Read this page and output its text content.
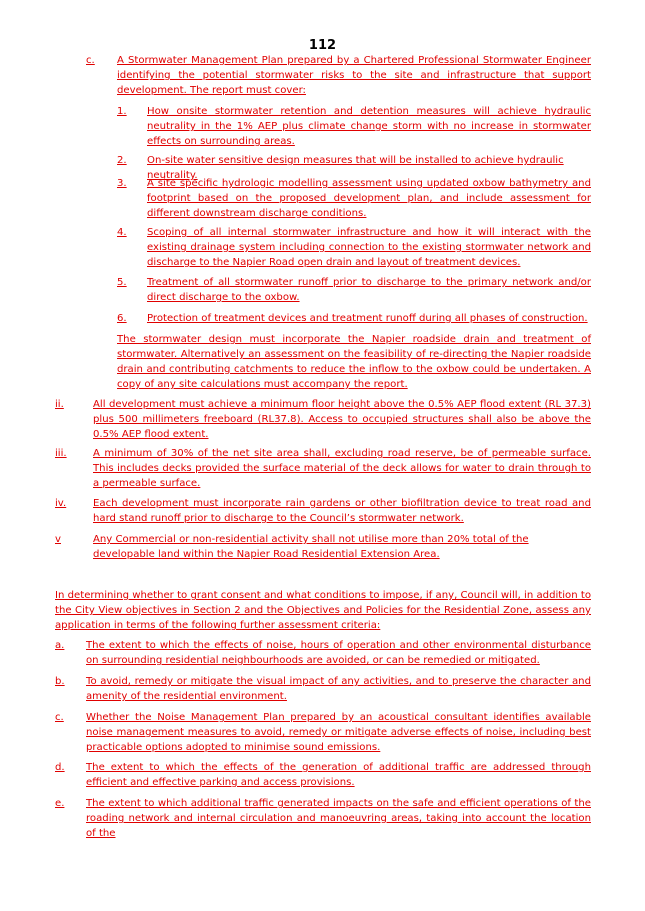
112
c.	A Stormwater Management Plan prepared by a Chartered Professional Stormwater Engineer identifying the potential stormwater risks to the site and infrastructure that support development. The report must cover:
1.	How onsite stormwater retention and detention measures will achieve hydraulic neutrality in the 1% AEP plus climate change storm with no increase in stormwater effects on surrounding areas.
2.	On-site water sensitive design measures that will be installed to achieve hydraulic neutrality.
3.	A site specific hydrologic modelling assessment using updated oxbow bathymetry and footprint based on the proposed development plan, and include assessment for different downstream discharge conditions.
4.	Scoping of all internal stormwater infrastructure and how it will interact with the existing drainage system including connection to the existing stormwater network and discharge to the Napier Road open drain and layout of treatment devices.
5.	Treatment of all stormwater runoff prior to discharge to the primary network and/or direct discharge to the oxbow.
6.	Protection of treatment devices and treatment runoff during all phases of construction.
The stormwater design must incorporate the Napier roadside drain and treatment of stormwater. Alternatively an assessment on the feasibility of re-directing the Napier roadside drain and contributing catchments to reduce the inflow to the oxbow could be undertaken. A copy of any site calculations must accompany the report.
ii.	All development must achieve a minimum floor height above the 0.5% AEP flood extent (RL 37.3) plus 500 millimeters freeboard (RL37.8). Access to occupied structures shall also be above the 0.5% AEP flood extent.
iii.	A minimum of 30% of the net site area shall, excluding road reserve, be of permeable surface. This includes decks provided the surface material of the deck allows for water to drain through to a permeable surface.
iv.	Each development must incorporate rain gardens or other biofiltration device to treat road and hard stand runoff prior to discharge to the Council’s stormwater network.
v	Any Commercial or non-residential activity shall not utilise more than 20% total of the developable land within the Napier Road Residential Extension Area.
In determining whether to grant consent and what conditions to impose, if any, Council will, in addition to the City View objectives in Section 2 and the Objectives and Policies for the Residential Zone, assess any application in terms of the following further assessment criteria:
a.	The extent to which the effects of noise, hours of operation and other environmental disturbance on surrounding residential neighbourhoods are avoided, or can be remedied or mitigated.
b.	To avoid, remedy or mitigate the visual impact of any activities, and to preserve the character and amenity of the residential environment.
c.	Whether the Noise Management Plan prepared by an acoustical consultant identifies available noise management measures to avoid, remedy or mitigate adverse effects of noise, including best practicable options adopted to minimise sound emissions.
d.	The extent to which the effects of the generation of additional traffic are addressed through efficient and effective parking and access provisions.
e.	The extent to which additional traffic generated impacts on the safe and efficient operations of the roading network and internal circulation and manoeuvring areas, taking into account the location of the
